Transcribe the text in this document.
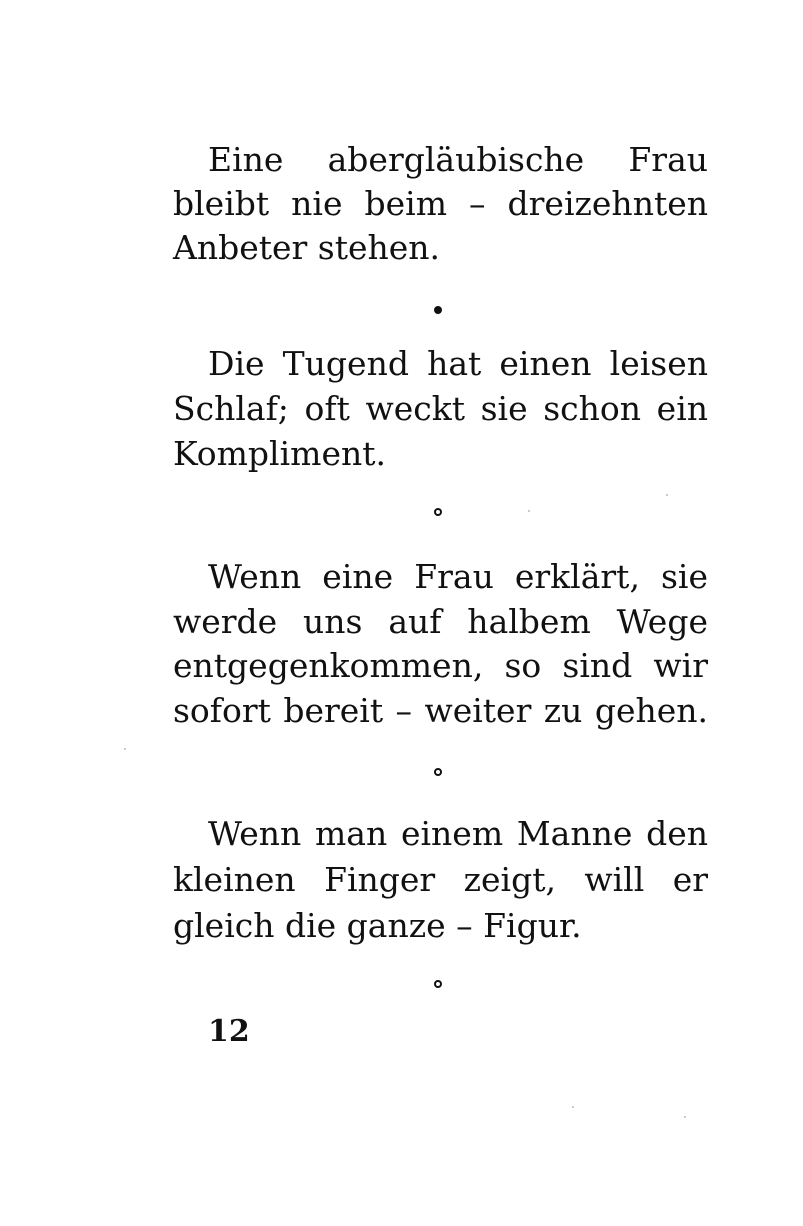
Eine abergläubische Frau
bleibt nie beim – dreizehnten
Anbeter stehen.
Die Tugend hat einen leisen
Schlaf; oft weckt sie schon ein
Kompliment.
Wenn eine Frau erklärt, sie
werde uns auf halbem Wege
entgegenkommen, so sind wir
sofort bereit – weiter zu gehen.
Wenn man einem Manne den
kleinen Finger zeigt, will er
gleich die ganze – Figur.
12
